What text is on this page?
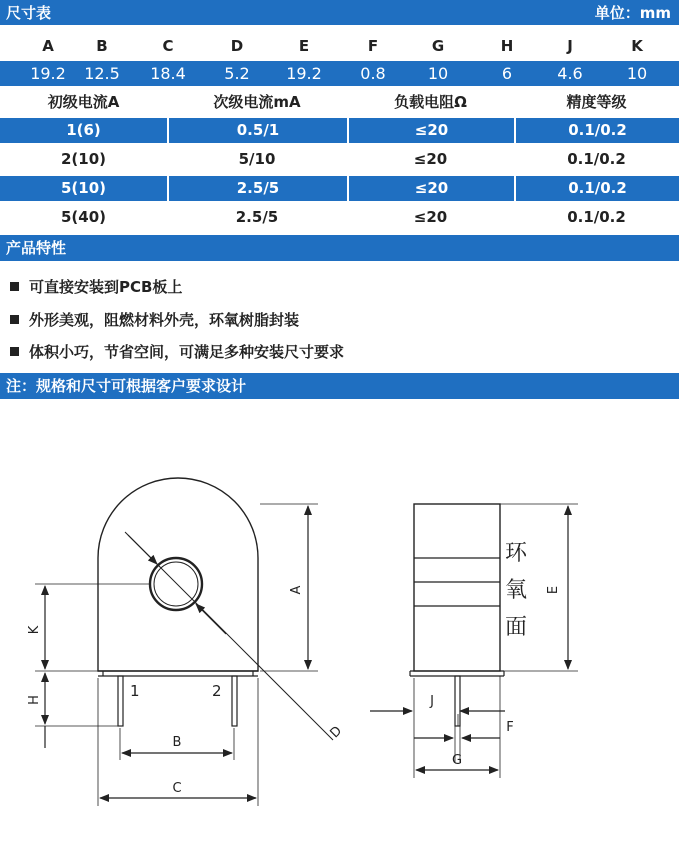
尺寸表	单位：mm
A	B	C	D	E	F	G	H	J	K
19.2	12.5	18.4	5.2	19.2	0.8	10	6	4.6	10
初级电流A	次级电流mA	负载电阻Ω	精度等级
1(6)	0.5/1	≤20	0.1/0.2
2(10)	5/10	≤20	0.1/0.2
5(10)	2.5/5	≤20	0.1/0.2
5(40)	2.5/5	≤20	0.1/0.2
产品特性
可直接安装到PCB板上
外形美观，阻燃材料外壳，环氧树脂封装
体积小巧，节省空间，可满足多种安装尺寸要求
注：规格和尺寸可根据客户要求设计
1	2
D
A
K
H
B
C
环
氧
面
E
J
F
G
